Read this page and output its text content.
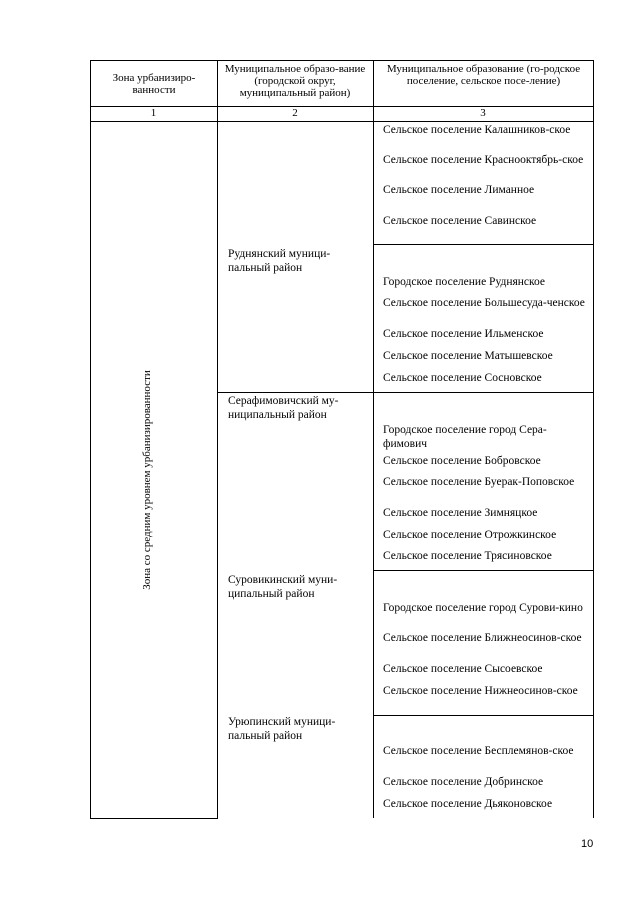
Зона урбанизиро-ванности
Муниципальное образо-вание (городской округ, муниципальный район)
Муниципальное образование (го-родское поселение, сельское посе-ление)
1	2	3
Зона со средним уровнем урбанизированности
Руднянский муници-пальный район
Серафимовичский му-ниципальный район
Суровикинский муни-ципальный район
Урюпинский муници-пальный район
Сельское поселение Калашников-ское
Сельское поселение Краснооктябрь-ское
Сельское поселение Лиманное
Сельское поселение Савинское
Городское поселение Руднянское
Сельское поселение Большесуда-ченское
Сельское поселение Ильменское
Сельское поселение Матышевское
Сельское поселение Сосновское
Городское поселение город Сера-фимович
Сельское поселение Бобровское
Сельское поселение Буерак-Поповское
Сельское поселение Зимняцкое
Сельское поселение Отрожкинское
Сельское поселение Трясиновское
Городское поселение город Сурови-кино
Сельское поселение Ближнеосинов-ское
Сельское поселение Сысоевское
Сельское поселение Нижнеосинов-ское
Сельское поселение Бесплемянов-ское
Сельское поселение Добринское
Сельское поселение Дьяконовское
10
